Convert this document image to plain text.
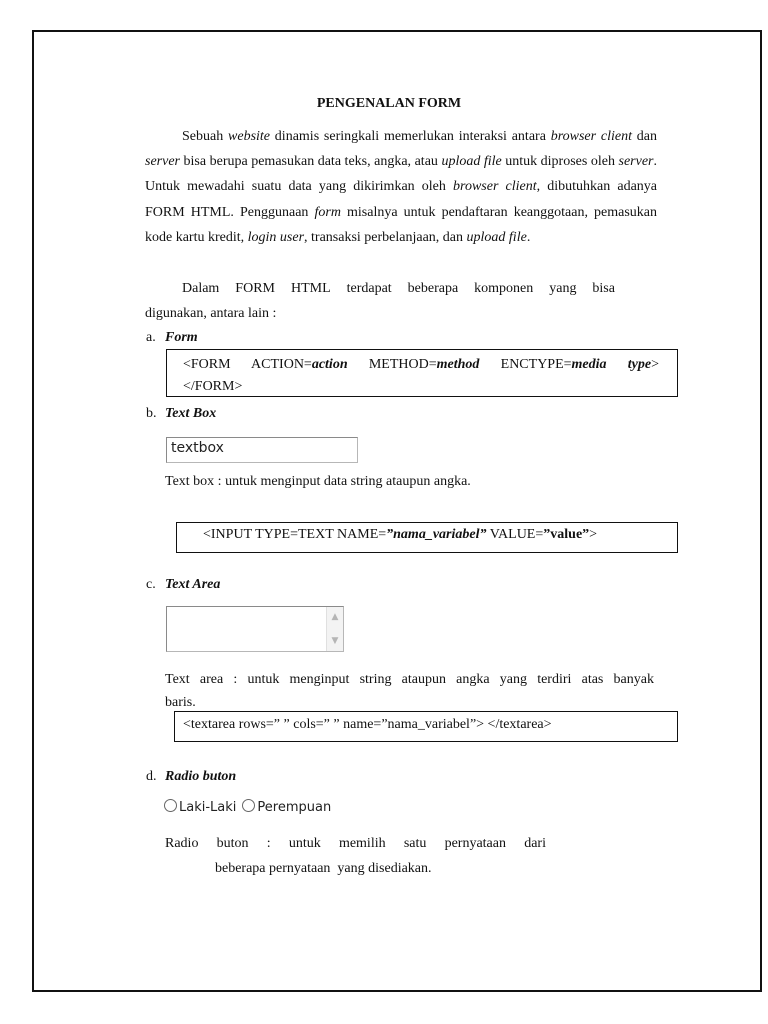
PENGENALAN FORM

Sebuah website dinamis seringkali memerlukan interaksi antara browser client dan server bisa berupa pemasukan data teks, angka, atau upload file untuk diproses oleh server. Untuk mewadahi suatu data yang dikirimkan oleh browser client, dibutuhkan adanya FORM HTML. Penggunaan form misalnya untuk pendaftaran keanggotaan, pemasukan kode kartu kredit, login user, transaksi perbelanjaan, dan upload file.

Dalam FORM HTML terdapat beberapa komponen yang bisa
digunakan, antara lain :
a. Form
<FORM ACTION=action METHOD=method ENCTYPE=media type>
</FORM>
b. Text Box
textbox
Text box : untuk menginput data string ataupun angka.
<INPUT TYPE=TEXT NAME=”nama_variabel” VALUE=”value”>
c. Text Area
▲
▼
Text area : untuk menginput string ataupun angka yang terdiri atas banyak
baris.
<textarea rows=” ” cols=” ” name=”nama_variabel”> </textarea>
d. Radio buton
Laki-Laki Perempuan
Radio buton : untuk memilih satu pernyataan dari
beberapa pernyataan  yang disediakan.
